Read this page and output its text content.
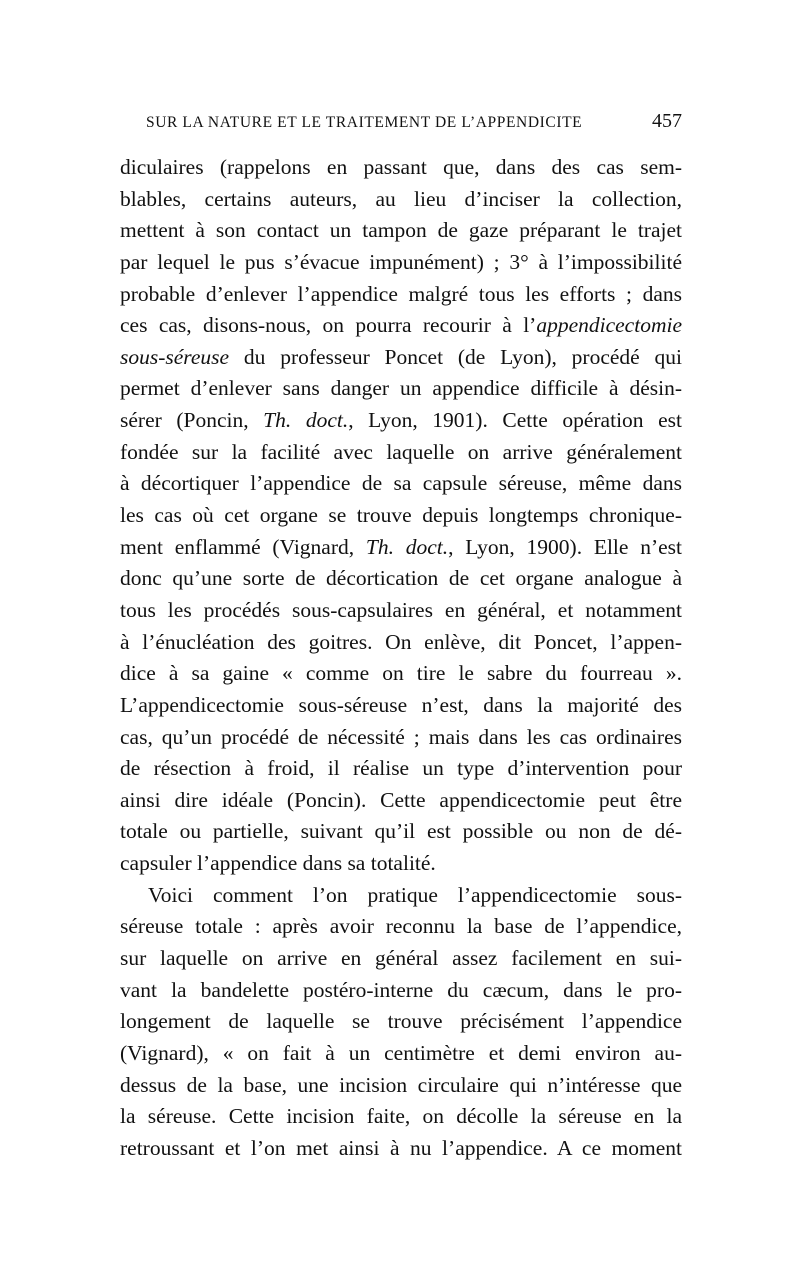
SUR LA NATURE ET LE TRAITEMENT DE L’APPENDICITE	457
diculaires (rappelons en passant que, dans des cas sem-
blables, certains auteurs, au lieu d’inciser la collection,
mettent à son contact un tampon de gaze préparant le trajet
par lequel le pus s’évacue impunément) ; 3° à l’impossibilité
probable d’enlever l’appendice malgré tous les efforts ; dans
ces cas, disons-nous, on pourra recourir à l’appendicectomie
sous-séreuse du professeur Poncet (de Lyon), procédé qui
permet d’enlever sans danger un appendice difficile à désin-
sérer (Poncin, Th. doct., Lyon, 1901). Cette opération est
fondée sur la facilité avec laquelle on arrive généralement
à décortiquer l’appendice de sa capsule séreuse, même dans
les cas où cet organe se trouve depuis longtemps chronique-
ment enflammé (Vignard, Th. doct., Lyon, 1900). Elle n’est
donc qu’une sorte de décortication de cet organe analogue à
tous les procédés sous-capsulaires en général, et notamment
à l’énucléation des goitres. On enlève, dit Poncet, l’appen-
dice à sa gaine « comme on tire le sabre du fourreau ».
L’appendicectomie sous-séreuse n’est, dans la majorité des
cas, qu’un procédé de nécessité ; mais dans les cas ordinaires
de résection à froid, il réalise un type d’intervention pour
ainsi dire idéale (Poncin). Cette appendicectomie peut être
totale ou partielle, suivant qu’il est possible ou non de dé-
capsuler l’appendice dans sa totalité.
Voici comment l’on pratique l’appendicectomie sous-
séreuse totale : après avoir reconnu la base de l’appendice,
sur laquelle on arrive en général assez facilement en sui-
vant la bandelette postéro-interne du cæcum, dans le pro-
longement de laquelle se trouve précisément l’appendice
(Vignard), « on fait à un centimètre et demi environ au-
dessus de la base, une incision circulaire qui n’intéresse que
la séreuse. Cette incision faite, on décolle la séreuse en la
retroussant et l’on met ainsi à nu l’appendice. A ce moment
